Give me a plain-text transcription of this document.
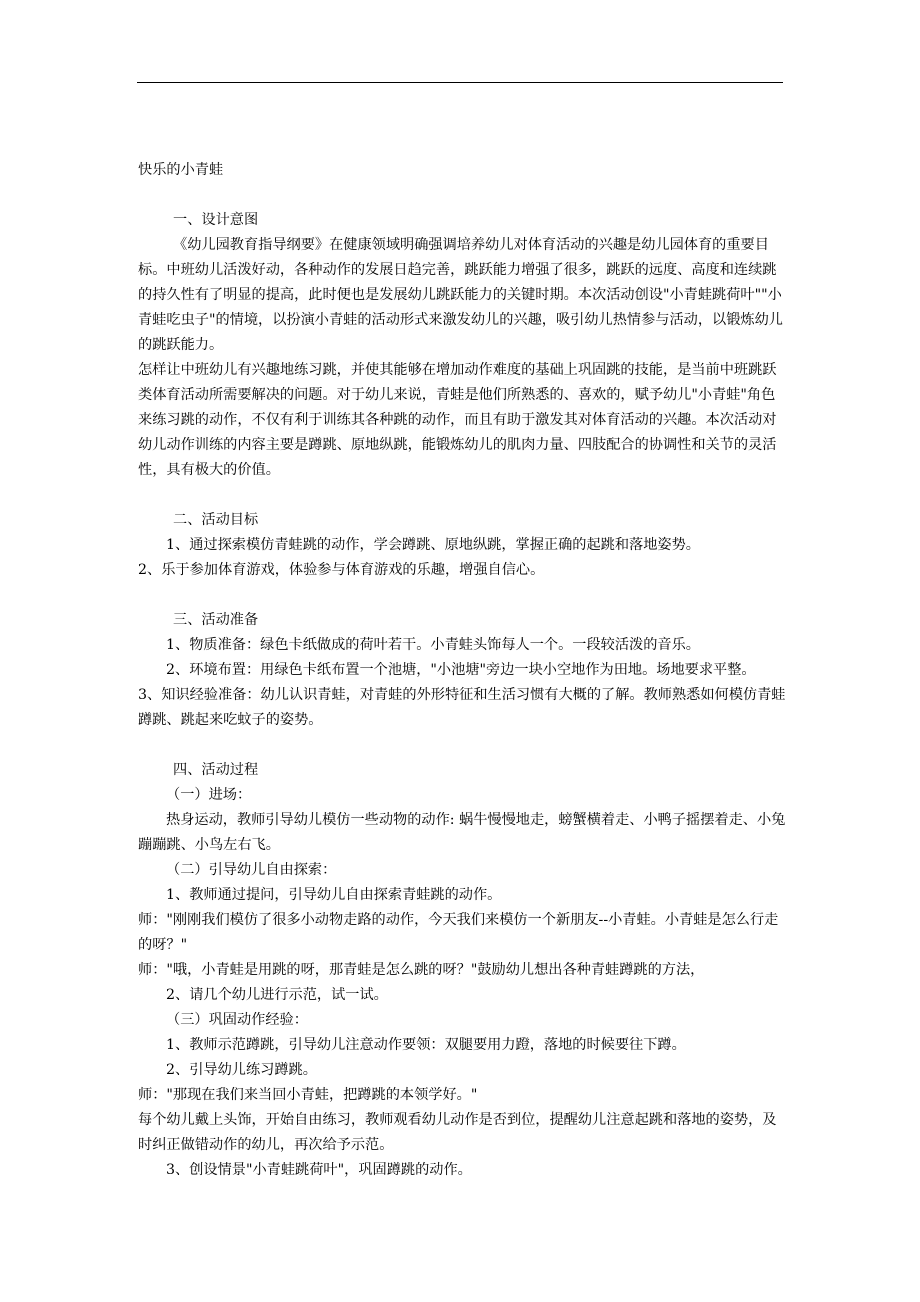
快乐的小青蛙

一、设计意图

《幼儿园教育指导纲要》在健康领域明确强调培养幼儿对体育活动的兴趣是幼儿园体育的重要目标。中班幼儿活泼好动，各种动作的发展日趋完善，跳跃能力增强了很多，跳跃的远度、高度和连续跳的持久性有了明显的提高，此时便也是发展幼儿跳跃能力的关键时期。本次活动创设"小青蛙跳荷叶""小青蛙吃虫子"的情境，以扮演小青蛙的活动形式来激发幼儿的兴趣，吸引幼儿热情参与活动，以锻炼幼儿的跳跃能力。

怎样让中班幼儿有兴趣地练习跳，并使其能够在增加动作难度的基础上巩固跳的技能，是当前中班跳跃类体育活动所需要解决的问题。对于幼儿来说，青蛙是他们所熟悉的、喜欢的，赋予幼儿"小青蛙"角色来练习跳的动作，不仅有利于训练其各种跳的动作，而且有助于激发其对体育活动的兴趣。本次活动对幼儿动作训练的内容主要是蹲跳、原地纵跳，能锻炼幼儿的肌肉力量、四肢配合的协调性和关节的灵活性，具有极大的价值。

二、活动目标

1、通过探索模仿青蛙跳的动作，学会蹲跳、原地纵跳，掌握正确的起跳和落地姿势。

2、乐于参加体育游戏，体验参与体育游戏的乐趣，增强自信心。

三、活动准备

1、物质准备：绿色卡纸做成的荷叶若干。小青蛙头饰每人一个。一段较活泼的音乐。

2、环境布置：用绿色卡纸布置一个池塘，"小池塘"旁边一块小空地作为田地。场地要求平整。

3、知识经验准备：幼儿认识青蛙，对青蛙的外形特征和生活习惯有大概的了解。教师熟悉如何模仿青蛙蹲跳、跳起来吃蚊子的姿势。

四、活动过程

（一）进场：

热身运动，教师引导幼儿模仿一些动物的动作: 蜗牛慢慢地走，螃蟹横着走、小鸭子摇摆着走、小兔蹦蹦跳、小鸟左右飞。

（二）引导幼儿自由探索：

1、教师通过提问，引导幼儿自由探索青蛙跳的动作。

师："刚刚我们模仿了很多小动物走路的动作，今天我们来模仿一个新朋友--小青蛙。小青蛙是怎么行走的呀？"

师："哦，小青蛙是用跳的呀，那青蛙是怎么跳的呀？"鼓励幼儿想出各种青蛙蹲跳的方法，

2、请几个幼儿进行示范，试一试。

（三）巩固动作经验：

1、教师示范蹲跳，引导幼儿注意动作要领：双腿要用力蹬，落地的时候要往下蹲。

2、引导幼儿练习蹲跳。

师："那现在我们来当回小青蛙，把蹲跳的本领学好。"

每个幼儿戴上头饰，开始自由练习，教师观看幼儿动作是否到位，提醒幼儿注意起跳和落地的姿势，及时纠正做错动作的幼儿，再次给予示范。

3、创设情景"小青蛙跳荷叶"，巩固蹲跳的动作。
